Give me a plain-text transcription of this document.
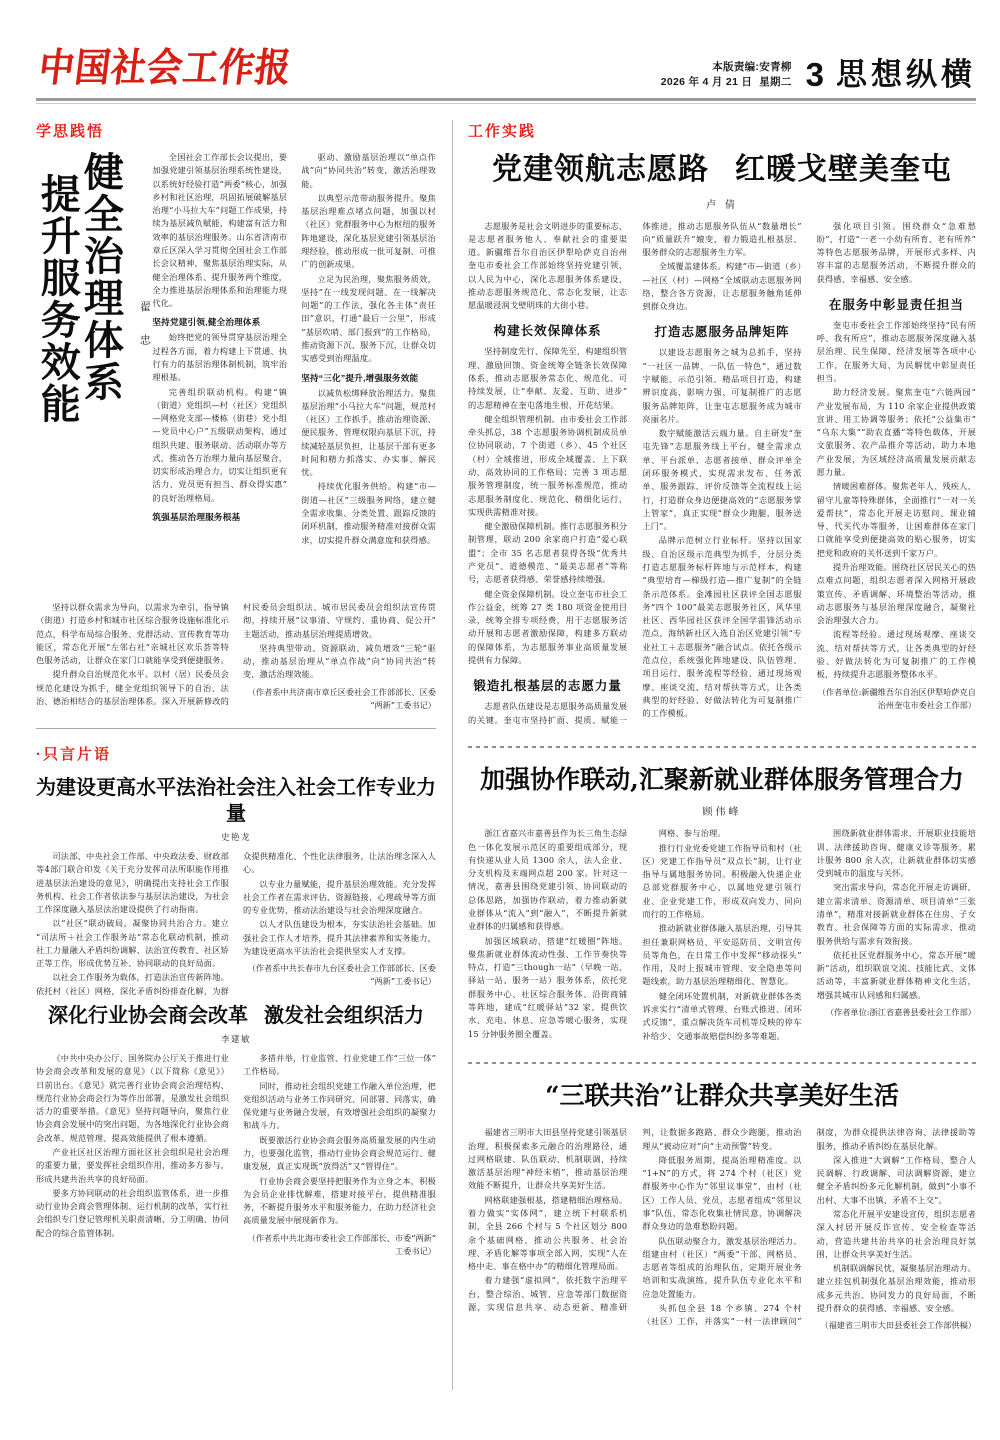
中国社会工作报	本版责编:安青柳
2026 年 4 月 21 日 星期二 3 思想纵横
学思践悟
健全治理体系
提升服务效能	翟 忠

全国社会工作部长会议提出，要加强党建引领基层治理系统性建设，以系统好经验打造“两委”核心，加强乡村和社区治理，巩固拓展破解基层治理“小马拉大车”问题工作成果，持续为基层减负赋能，构建富有活力和效率的基层治理服务。山东省济南市章丘区深入学习贯彻全国社会工作部长会议精神，聚焦基层治理实际，从健全治理体系、提升服务两个维度，全力推进基层治理体系和治理能力现代化。

坚持党建引领,健全治理体系

始终把党的领导贯穿基层治理全过程各方面，着力构建上下贯通、执行有力的基层治理体制机制，筑牢治理根基。

完善组织联动机构。构建“镇（街道）党组织—村（社区）党组织—网格党支部—楼栋（街巷）党小组—党员中心户”五级联动架构，通过组织共建、服务联动、活动联办等方式，推动各方治理力量向基层聚合，切实形成治理合力，切实让组织更有活力、党员更有担当、群众得实惠”的良好治理格局。

筑强基层治理服务根基

驱动、激励基层治理以“单点作战”向“协同共治”转变，激活治理效能。

以典型示范带动服务提升。聚焦基层治理难点堵点问题，加强以村（社区）党群服务中心为枢纽的服务阵地建设，深化基层党建引领基层治理经验，推动形成一批可复制、可推广的创新成果。

立足为民治理，聚焦服务质效，坚持“在一线发现问题、在一线解决问题”的工作法，强化各主体“责任田”意识，打通“最后一公里”，形成“基层吹哨、部门报到”的工作格局，推动资源下沉、服务下沉，让群众切实感受到治理温度。

坚持“三化”提升,增强服务效能

以减负松绑释放治理活力。聚焦基层治理“小马拉大车”问题，规范村（社区）工作抓手，推动治理资源、便民服务、管理权限向基层下沉，持续减轻基层负担，让基层干部有更多时间和精力抓落实、办实事、解民忧。

持续优化服务供给。构建“市—街道—社区”三级服务网络，建立健全需求收集、分类处置、跟踪反馈的闭环机制，推动服务精准对接群众需求，切实提升群众满意度和获得感。

坚持以群众需求为导向，以需求为牵引，指导镇（街道）打造乡村和城市社区综合服务设施标准化示范点，科学布局综合服务、党群活动、宣传教育等功能区，常态化开展“左邻右社”亲城社区欢乐荟等特色服务活动，让群众在家门口就能享受到便捷服务。

提升群众自治规范化水平。以村（居）民委员会规范化建设为抓手，健全党组织领导下的自治、法治、德治相结合的基层治理体系。深入开展新修改的村民委员会组织法、城市居民委员会组织法宣传贯彻，持续开展“议事清、守规约、重协商、促公开”主题活动，推动基层治理提质增效。

坚持典型带动、资源联动、减负增效“三轮”驱动，推动基层治理从“单点作战”向“协同共治”转变，激活治理效能。

（作者系中共济南市章丘区委社会工作部部长、区委“两新”工委书记）

·只言片语
为建设更高水平法治社会注入社会工作专业力量
史艳龙

司法部、中央社会工作部、中央政法委、财政部等4部门联合印发《关于充分发挥司法所职能作用推进基层法治建设的意见》，明确提出支持社会工作服务机构、社会工作者依法参与基层法治建设，为社会工作深度融入基层法治建设提供了行动指南。

以“社区”联动破局，凝聚协同共治合力。建立“司法所＋社会工作服务站”常态化联动机制，推动社工力量融入矛盾纠纷调解、法治宣传教育、社区矫正等工作，形成优势互补、协同联动的良好局面。

以社会工作服务为载体，打造法治宣传新阵地。依托村（社区）网格，深化矛盾纠纷排查化解，为群众提供精准化、个性化法律服务，让法治理念深入人心。

以专业力量赋能，提升基层治理效能。充分发挥社会工作者在需求评估、资源链接、心理疏导等方面的专业优势，推动法治建设与社会治理深度融合。

以人才队伍建设为根本，夯实法治社会基础。加强社会工作人才培养，提升其法律素养和实务能力，为建设更高水平法治社会提供坚实人才支撑。

（作者系中共长春市九台区委社会工作部部长、区委“两新”工委书记）

深化行业协会商会改革 激发社会组织活力
李建敏

《中共中央办公厅、国务院办公厅关于推进行业协会商会改革和发展的意见》（以下简称《意见》）日前出台。《意见》就完善行业协会商会治理结构、规范行业协会商会行为等作出部署，是激发社会组织活力的重要举措。《意见》坚持问题导向，聚焦行业协会商会发展中的突出问题，为各地深化行业协会商会改革、规范管理、提高效能提供了根本遵循。

产业社区社区治理方面社区社会组织是社会治理的重要力量，要发挥社会组织作用，推动多方参与，形成共建共治共享的良好局面。

要多方协同联动的社会组织监管体系，进一步推动行业协会商会管理体制、运行机制的改革，实行社会组织专门登记管理机关职责清晰、分工明确、协同配合的综合监管体制。

多措并举，行业监管、行业党建工作“三位一体”工作格局。

同时，推动社会组织党建工作融入单位治理，把党组织活动与业务工作同研究、同部署、同落实，确保党建与业务融合发展，有效增强社会组织的凝聚力和战斗力。

既要激活行业协会商会服务高质量发展的内生动力，也要强化监管，推动行业协会商会规范运行、健康发展，真正实现既“放得活”又“管得住”。

行业协会商会要坚持把服务作为立身之本，积极为会员企业排忧解难，搭建对接平台，提供精准服务，不断提升服务水平和服务能力，在助力经济社会高质量发展中展现新作为。

（作者系中共北海市委社会工作部部长、市委“两新”工委书记）

工作实践
党建领航志愿路 红暖戈壁美奎屯
卢 倩

志愿服务是社会文明进步的重要标志，是志愿者服务他人、奉献社会的重要渠道。新疆维吾尔自治区伊犁哈萨克自治州奎屯市委社会工作部始终坚持党建引领，以人民为中心，深化志愿服务体系建设，推动志愿服务规范化、常态化发展，让志愿温暖浸润戈壁明珠的大街小巷。

构建长效保障体系

坚持制度先行、保障先至，构建组织管理、激励回馈、资金统筹全链条长效保障体系，推动志愿服务常态化、规范化、可持续发展，让“奉献、友爱、互助、进步”的志愿精神在奎屯落地生根、开花结果。

健全组织管理机制。由市委社会工作部牵头抓总，38 个志愿服务协调机制成员单位协同联动，7 个街道（乡）、45 个社区（村）全域推进，形成全域覆盖、上下联动、高效协同的工作格局；完善 3 项志愿服务管理制度，统一服务标准规范，推动志愿服务制度化、规范化、精细化运行，实现供需精准对接。

健全激励保障机制。推行志愿服务积分制管理，联动 200 余家商户打造“爱心联盟”；全市 35 名志愿者获得各级“优秀共产党员”、道德模范、“最美志愿者”等称号，志愿者获得感、荣誉感持续增强。

健全资金保障机制。设立奎屯市社会工作公益金，统筹 27 类 180 项资金使用目录，统筹全排专项经费，用于志愿服务活动开展和志愿者激励保障，构建多方联动的保障体系，为志愿服务事业高质量发展提供有力保障。

锻造扎根基层的志愿力量

志愿者队伍建设是志愿服务高质量发展的关键。奎屯市坚持扩面、提质、赋能一体推进，推动志愿服务队伍从“数量增长”向“质量跃升”嬗变，着力锻造扎根基层、服务群众的志愿服务生力军。

全域覆盖建体系。构建“市—街道（乡）—社区（村）—网格”全域联动志愿服务网络，整合各方资源，让志愿服务触角延伸到群众身边。

打造志愿服务品牌矩阵

以建设志愿服务之城为总抓手，坚持“一社区一品牌、一队伍一特色”，通过数字赋能、示范引领、精品项目打造，构建辨识度高、影响力强、可复制推广的志愿服务品牌矩阵，让奎屯志愿服务成为城市亮丽名片。

数字赋能激活云端力量。自主研发“奎屯先锋”志愿服务线上平台，健全需求点单、平台派单、志愿者接单、群众评单全闭环服务模式，实现需求发布、任务派单、服务跟踪、评价反馈等全流程线上运行，打造群众身边便捷高效的“志愿服务掌上管家”，真正实现“群众少跑腿，服务送上门”。

品牌示范树立行业标杆。坚持以国家级、自治区级示范典型为抓手，分层分类打造志愿服务标杆阵地与示范样本，构建“典型培育—梯级打造—推广复制”的全链条示范体系。金滩园社区获评全国志愿服务“四个 100”最美志愿服务社区，风华里社区、西华园社区获评全国学雷锋活动示范点，海纳新社区入选自治区党建引领“专业社工＋志愿服务”融合试点。依托各级示范点位，系统强化阵地建设、队伍管理、项目运行、服务流程等经验，通过现场观摩、座谈交流、结对帮扶等方式，让各类典型的好经验、好做法转化为可复制推广的工作模板。

强化项目引领。围绕群众“急难愁盼”，打造“一老一小幼有所育、老有所养”等特色志愿服务品牌，开展形式多样、内容丰富的志愿服务活动，不断提升群众的获得感、幸福感、安全感。

在服务中彰显责任担当

奎屯市委社会工作部始终坚持“民有所呼、我有所应”，推动志愿服务深度融入基层治理、民生保障、经济发展等各项中心工作，在服务大局、为民解忧中彰显责任担当。

助力经济发展。聚焦奎屯“六链两园”产业发展布局，为 110 余家企业提供政策宣讲、用工协调等服务；依托“公益集市”“乌东大集”“助农直播”等特色载体，开展文旅服务、农产品推介等活动，助力本地产业发展，为区域经济高质量发展贡献志愿力量。

情暖困难群体。聚焦老年人、残疾人、留守儿童等特殊群体，全面推行“一对一关爱帮扶”，常态化开展走访慰问、课业辅导、代买代办等服务，让困难群体在家门口就能享受到便捷高效的贴心服务，切实把党和政府的关怀送到千家万户。

提升治理效能。围绕社区居民关心的热点难点问题，组织志愿者深入网格开展政策宣传、矛盾调解、环境整治等活动，推动志愿服务与基层治理深度融合，凝聚社会治理强大合力。

流程等经验。通过现场观摩、座谈交流、结对帮扶等方式，让各类典型的好经验、好做法转化为可复制推广的工作模板，持续提升志愿服务整体水平。

（作者单位:新疆维吾尔自治区伊犁哈萨克自治州奎屯市委社会工作部）

加强协作联动,汇聚新就业群体服务管理合力
顾伟峰

浙江省嘉兴市嘉善县作为长三角生态绿色一体化发展示范区的重要组成部分，现有快递从业人员 1300 余人，法人企业、分支机构及末端网点超 200 家。针对这一情况，嘉善县围绕党建引领、协同联动的总体思路，加强协作联动，着力推动新就业群体从“流入”到“融入”，不断提升新就业群体的归属感和获得感。

加强区域联动，搭建“红暖圈”阵地。聚焦新就业群体流动性强、工作节奏快等特点，打造“三though一站”（早晚一站、驿站一站、服务一站）服务体系，依托党群服务中心、社区综合服务体、沿街商铺等阵地，建成“红暖驿站”32 家，提供饮水、充电、休息、应急等暖心服务，实现 15 分钟服务圈全覆盖。

网格、参与治理。

推行行业党委党建工作指导员和村（社区）党建工作指导员“双点长”制，让行业指导与属地服务协同。积极融入快递企业总部党群服务中心，以属地党建引领行业、企业党建工作，形成双向发力、同向而行的工作格局。

推动新就业群体融入基层治理，引导其担任兼职网格员、平安巡防员、文明宣传员等角色，在日常工作中发挥“移动探头”作用，及时上报城市管理、安全隐患等问题线索，助力基层治理精细化、智慧化。

健全闭环处置机制，对新就业群体各类诉求实行“清单式管理、台账式推进、闭环式反馈”，重点解决货车司机等反映的停车补给少、交通事故赔偿纠纷多等难题。

围绕新就业群体需求，开展职业技能培训、法律援助咨询、健康义诊等服务，累计服务 800 余人次，让新就业群体切实感受到城市的温度与关怀。

突出需求导向，常态化开展走访调研，建立需求清单、资源清单、项目清单“三张清单”，精准对接新就业群体在住房、子女教育、社会保障等方面的实际需求，推动服务供给与需求有效衔接。

依托社区党群服务中心，常态开展“暖新”活动，组织联谊交流、技能比武、文体活动等，丰富新就业群体精神文化生活，增强其城市认同感和归属感。

（作者单位:浙江省嘉善县委社会工作部）

“三联共治”让群众共享美好生活

福建省三明市大田县坚持党建引领基层治理，积极探索多元融合的治理路径，通过网格联建、队伍联动、机制联调，持续激活基层治理“神经末梢”，推动基层治理效能不断提升，让群众共享美好生活。

网格联建强根基，搭建精细治理格局。着力做实“实体网”，建立统下村联系机制，全县 266 个村与 5 个社区划分 800 余个基础网格，推动公共服务、社会治理、矛盾化解等事项全部入网，实现“人在格中走、事在格中办”的精细化管理局面。

着力建强“虚拟网”，依托数字治理平台，整合综治、城管、应急等部门数据资源，实现信息共享、动态更新、精准研判，让数据多跑路、群众少跑腿，推动治理从“被动应对”向“主动预警”转变。

降低服务周期，提高治理精准度。以“1+N”的方式，将 274 个村（社区）党群服务中心作为“邻里议事堂”，由村（社区）工作人员、党员、志愿者组成“邻里议事”队伍，常态化收集社情民意，协调解决群众身边的急难愁盼问题。

队伍联动聚合力，激发基层治理活力。组建由村（社区）“两委”干部、网格员、志愿者等组成的治理队伍，定期开展业务培训和实战演练，提升队伍专业化水平和应急处置能力。

头抓包全县 18 个乡镇、274 个村（社区）工作，并落实“一村一法律顾问”制度，为群众提供法律咨询、法律援助等服务，推动矛盾纠纷在基层化解。

深入推进“大调解”工作格局，整合人民调解、行政调解、司法调解资源，建立健全矛盾纠纷多元化解机制，做到“小事不出村、大事不出镇、矛盾不上交”。

常态化开展平安建设宣传，组织志愿者深入村居开展反诈宣传、安全检查等活动，营造共建共治共享的社会治理良好氛围，让群众共享美好生活。

机制联调解民忧，凝聚基层治理动力。建立挂包机制强化基层治理效能，推动形成多元共治、协同发力的良好局面，不断提升群众的获得感、幸福感、安全感。

（福建省三明市大田县委社会工作部供稿）
